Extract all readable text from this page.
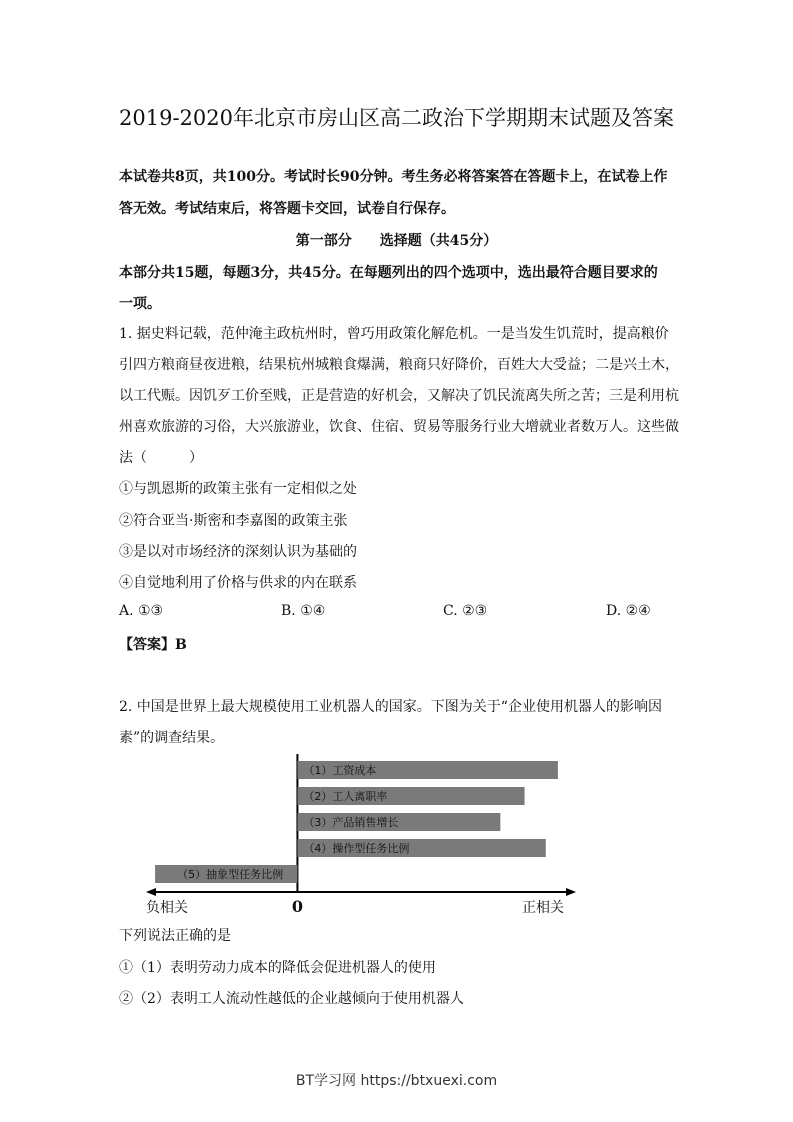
2019-2020年北京市房山区高二政治下学期期末试题及答案
本试卷共8页，共100分。考试时长90分钟。考生务必将答案答在答题卡上，在试卷上作
答无效。考试结束后，将答题卡交回，试卷自行保存。
第一部分　　选择题（共45分）
本部分共15题，每题3分，共45分。在每题列出的四个选项中，选出最符合题目要求的
一项。
1. 据史料记载，范仲淹主政杭州时，曾巧用政策化解危机。一是当发生饥荒时，提高粮价
引四方粮商昼夜进粮，结果杭州城粮食爆满，粮商只好降价，百姓大大受益；二是兴土木，
以工代赈。因饥歹工价至贱，正是营造的好机会，又解决了饥民流离失所之苦；三是利用杭
州喜欢旅游的习俗，大兴旅游业，饮食、住宿、贸易等服务行业大增就业者数万人。这些做
法（　　　）
①与凯恩斯的政策主张有一定相似之处
②符合亚当·斯密和李嘉图的政策主张
③是以对市场经济的深刻认识为基础的
④自觉地利用了价格与供求的内在联系
A. ①③	B. ①④	C. ②③	D. ②④
【答案】B
2. 中国是世界上最大规模使用工业机器人的国家。下图为关于“企业使用机器人的影响因
素”的调查结果。
（1）工资成本
（2）工人离职率
（3）产品销售增长
（4）操作型任务比例
（5）抽象型任务比例
负相关	0	正相关
下列说法正确的是
①（1）表明劳动力成本的降低会促进机器人的使用
②（2）表明工人流动性越低的企业越倾向于使用机器人
BT学习网 https://btxuexi.com
